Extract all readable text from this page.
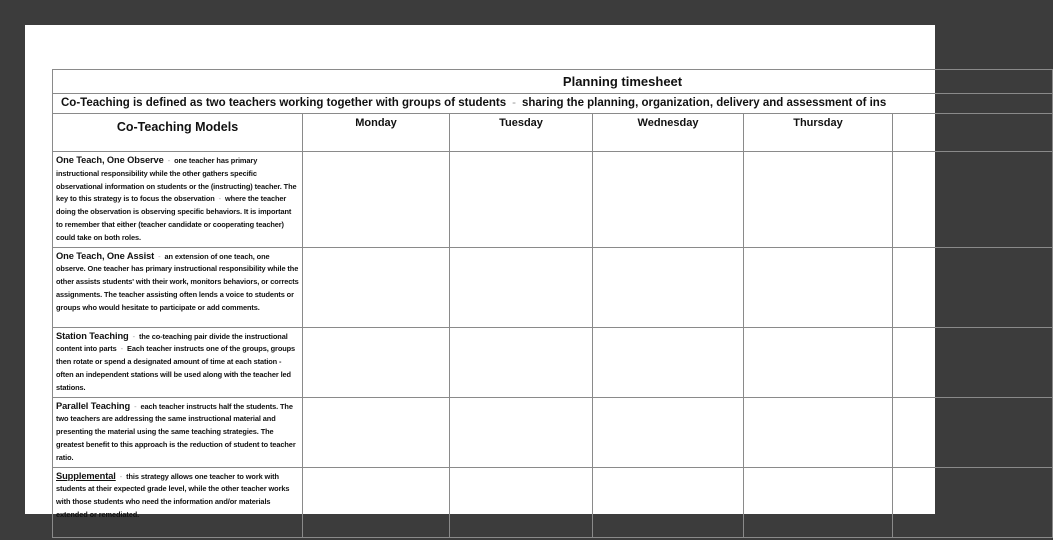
Planning timesheet					
Co-Teaching is defined as two teachers working together with groups of students - sharing the planning, organization, delivery and assessment of ins					
Co-Teaching Models	Monday	Tuesday	Wednesday	Thursday	
One Teach, One Observe - one teacher has primary instructional responsibility while the other gathers specific observational information on students or the (instructing) teacher. The key to this strategy is to focus the observation - where the teacher doing the observation is observing specific behaviors. It is important to remember that either (teacher candidate or cooperating teacher) could take on both roles.					
One Teach, One Assist - an extension of one teach, one observe. One teacher has primary instructional responsibility while the other assists students' with their work, monitors behaviors, or corrects assignments. The teacher assisting often lends a voice to students or groups who would hesitate to participate or add comments.					
Station Teaching - the co-teaching pair divide the instructional content into parts - Each teacher instructs one of the groups, groups then rotate or spend a designated amount of time at each station - often an independent stations will be used along with the teacher led stations.					
Parallel Teaching - each teacher instructs half the students. The two teachers are addressing the same instructional material and presenting the material using the same teaching strategies. The greatest benefit to this approach is the reduction of student to teacher ratio.					
Supplemental - this strategy allows one teacher to work with students at their expected grade level, while the other teacher works with those students who need the information and/or materials extended or remediated.					
